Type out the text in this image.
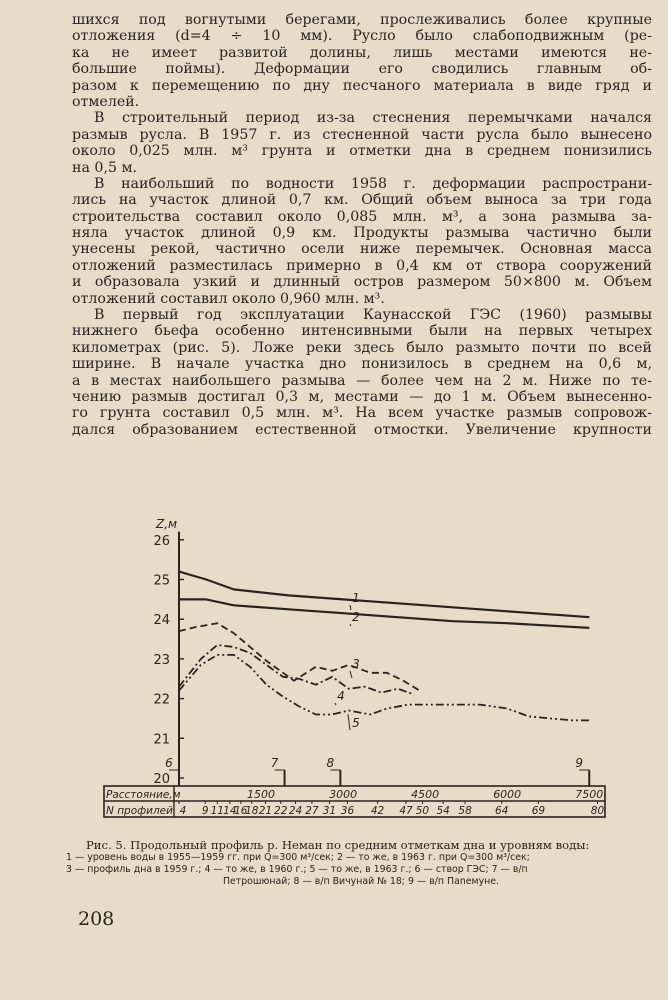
шихся под вогнутыми берегами, прослеживались более крупные
отложения (d=4 ÷ 10 мм). Русло было слабоподвижным (ре-
ка не имеет развитой долины, лишь местами имеются не-
большие поймы). Деформации его сводились главным об-
разом к перемещению по дну песчаного материала в виде гряд и
отмелей.
В строительный период из-за стеснения перемычками начался
размыв русла. В 1957 г. из стесненной части русла было вынесено
около 0,025 млн. м³ грунта и отметки дна в среднем понизились
на 0,5 м.
В наибольший по водности 1958 г. деформации распространи-
лись на участок длиной 0,7 км. Общий объем выноса за три года
строительства составил около 0,085 млн. м³, а зона размыва за-
няла участок длиной 0,9 км. Продукты размыва частично были
унесены рекой, частично осели ниже перемычек. Основная масса
отложений разместилась примерно в 0,4 км от створа сооружений
и образовала узкий и длинный остров размером 50×800 м. Объем
отложений составил около 0,960 млн. м³.
В первый год эксплуатации Каунасской ГЭС (1960) размывы
нижнего бьефа особенно интенсивными были на первых четырех
километрах (рис. 5). Ложе реки здесь было размыто почти по всей
ширине. В начале участка дно понизилось в среднем на 0,6 м,
а в местах наибольшего размыва — более чем на 2 м. Ниже по те-
чению размыв достигал 0,3 м, местами — до 1 м. Объем вынесенно-
го грунта составил 0,5 млн. м³. На всем участке размыв сопровож-
дался образованием естественной отмостки. Увеличение крупности
20
21
22
23
24
25
26
Z,м
Расстояние,м
N профилей
1500	3000	4500	6000	7500
4 9 11 14
16
18 21 22 24 27 31 36 42 47 50 54 58 64 69	80
1
2
3
4
5
6	7	8	9
Рис. 5. Продольный профиль р. Неман по средним отметкам дна и уровням воды:
1 — уровень воды в 1955—1959 гг. при Q=300 м³/сек; 2 — то же, в 1963 г. при Q=300 м³/сек;
3 — профиль дна в 1959 г.; 4 — то же, в 1960 г.; 5 — то же, в 1963 г.; 6 — створ ГЭС; 7 — в/п
Петрошюнай; 8 — в/п Вичунай № 18; 9 — в/п Паnемуне.
208
